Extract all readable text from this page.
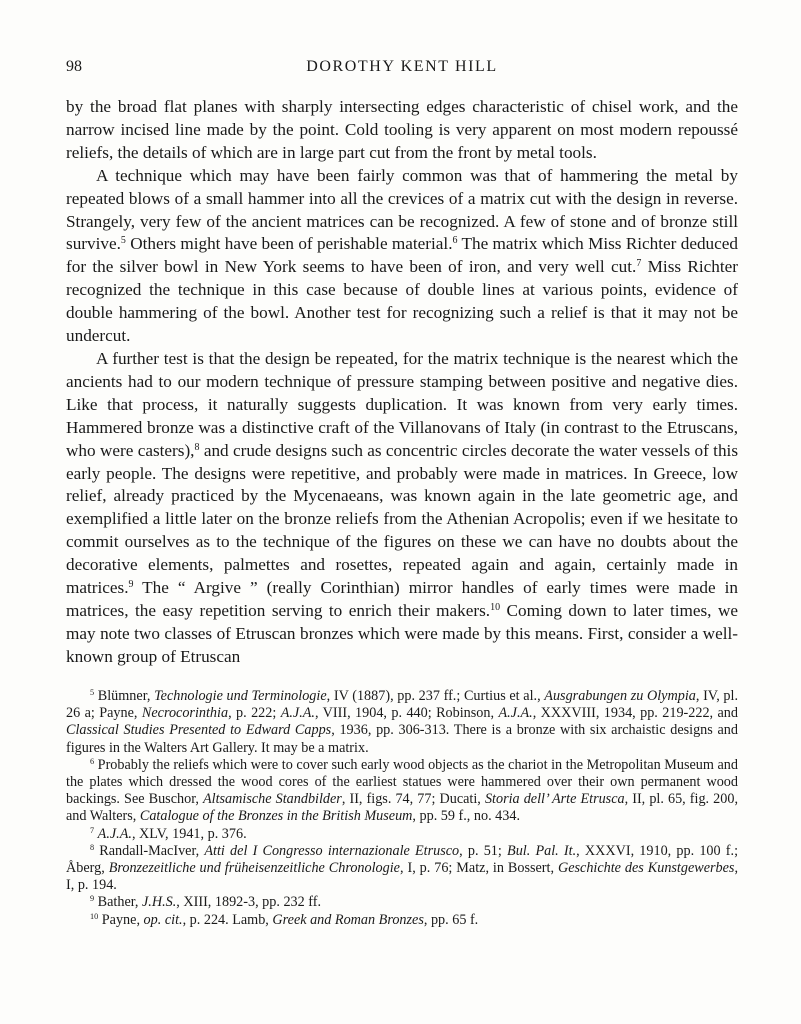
98	DOROTHY KENT HILL

by the broad flat planes with sharply intersecting edges characteristic of chisel work, and the narrow incised line made by the point. Cold tooling is very apparent on most modern repoussé reliefs, the details of which are in large part cut from the front by metal tools.

A technique which may have been fairly common was that of hammering the metal by repeated blows of a small hammer into all the crevices of a matrix cut with the design in reverse. Strangely, very few of the ancient matrices can be recognized. A few of stone and of bronze still survive.$^5$ Others might have been of perishable material.$^6$ The matrix which Miss Richter deduced for the silver bowl in New York seems to have been of iron, and very well cut.$^7$ Miss Richter recognized the technique in this case because of double lines at various points, evidence of double hammering of the bowl. Another test for recognizing such a relief is that it may not be undercut.

A further test is that the design be repeated, for the matrix technique is the nearest which the ancients had to our modern technique of pressure stamping between positive and negative dies. Like that process, it naturally suggests duplication. It was known from very early times. Hammered bronze was a distinctive craft of the Villanovans of Italy (in contrast to the Etruscans, who were casters),$^8$ and crude designs such as concentric circles decorate the water vessels of this early people. The designs were repetitive, and probably were made in matrices. In Greece, low relief, already practiced by the Mycenaeans, was known again in the late geometric age, and exemplified a little later on the bronze reliefs from the Athenian Acropolis; even if we hesitate to commit ourselves as to the technique of the figures on these we can have no doubts about the decorative elements, palmettes and rosettes, repeated again and again, certainly made in matrices.$^9$ The “ Argive ” (really Corinthian) mirror handles of early times were made in matrices, the easy repetition serving to enrich their makers.$^{10}$ Coming down to later times, we may note two classes of Etruscan bronzes which were made by this means. First, consider a well-known group of Etruscan

$^5$ Blümner, Technologie und Terminologie, IV (1887), pp. 237 ff.; Curtius et al., Ausgrabungen zu Olympia, IV, pl. 26 a; Payne, Necrocorinthia, p. 222; A.J.A., VIII, 1904, p. 440; Robinson, A.J.A., XXXVIII, 1934, pp. 219-222, and Classical Studies Presented to Edward Capps, 1936, pp. 306-313. There is a bronze with six archaistic designs and figures in the Walters Art Gallery. It may be a matrix.

$^6$ Probably the reliefs which were to cover such early wood objects as the chariot in the Metropolitan Museum and the plates which dressed the wood cores of the earliest statues were hammered over their own permanent wood backings. See Buschor, Altsamische Standbilder, II, figs. 74, 77; Ducati, Storia dell’ Arte Etrusca, II, pl. 65, fig. 200, and Walters, Catalogue of the Bronzes in the British Museum, pp. 59 f., no. 434.

$^7$ A.J.A., XLV, 1941, p. 376.

$^8$ Randall-MacIver, Atti del I Congresso internazionale Etrusco, p. 51; Bul. Pal. It., XXXVI, 1910, pp. 100 f.; Åberg, Bronzezeitliche und früheisenzeitliche Chronologie, I, p. 76; Matz, in Bossert, Geschichte des Kunstgewerbes, I, p. 194.

$^9$ Bather, J.H.S., XIII, 1892-3, pp. 232 ff.

$^{10}$ Payne, op. cit., p. 224. Lamb, Greek and Roman Bronzes, pp. 65 f.
